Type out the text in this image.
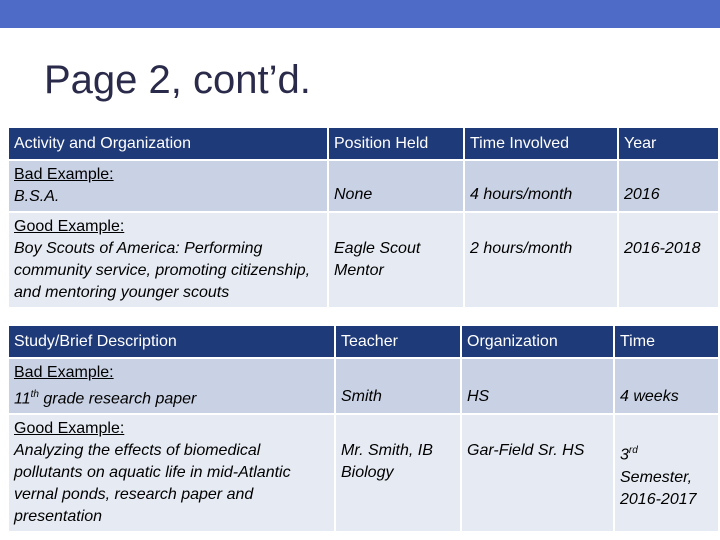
Page 2, cont’d.
Activity and Organization	Position Held	Time Involved	Year

Bad Example:
B.S.A.	None	4 hours/month	2016

Good Example:
Boy Scouts of America: Performing community service, promoting citizenship, and mentoring younger scouts	Eagle Scout Mentor	2 hours/month	2016-2018
Study/Brief Description	Teacher	Organization	Time

Bad Example:
11th grade research paper	Smith	HS	4 weeks

Good Example:
Analyzing the effects of biomedical pollutants on aquatic life in mid-Atlantic vernal ponds, research paper and presentation	Mr. Smith, IB Biology	Gar-Field Sr. HS	3rd Semester, 2016-2017
